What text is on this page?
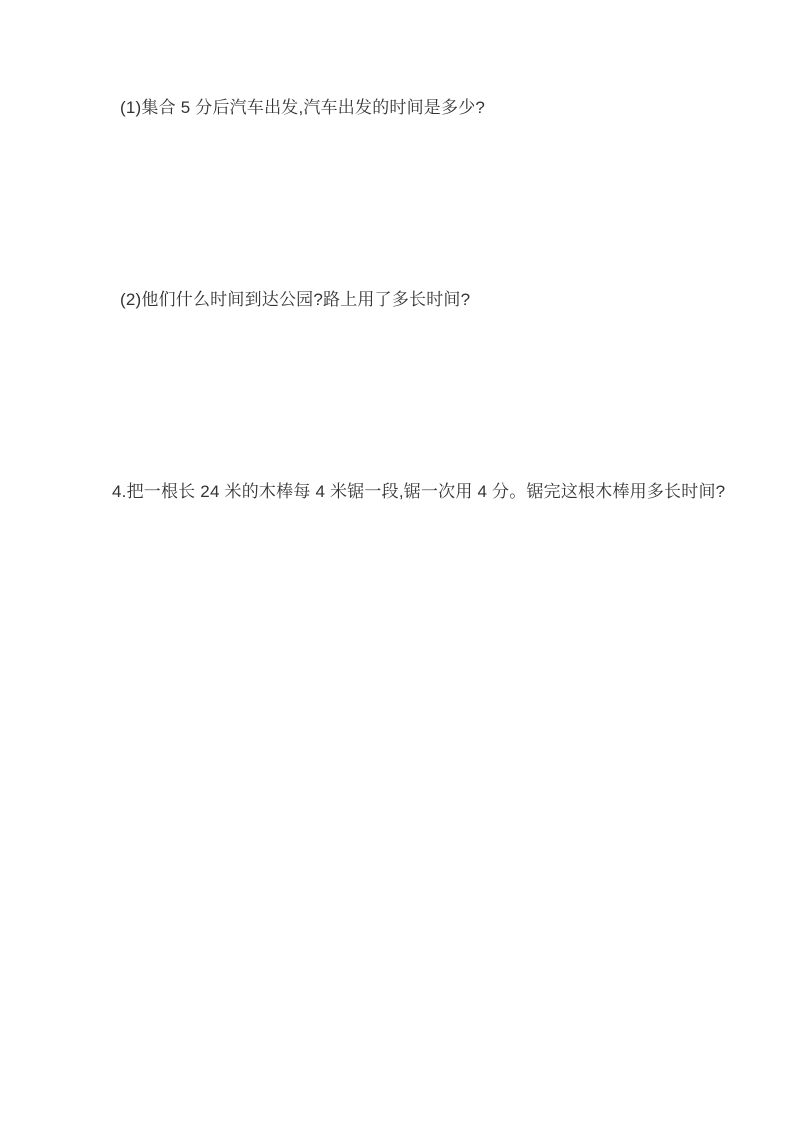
(1)集合 5 分后汽车出发,汽车出发的时间是多少?

(2)他们什么时间到达公园?路上用了多长时间?

4.把一根长 24 米的木棒每 4 米锯一段,锯一次用 4 分。锯完这根木棒用多长时间?
